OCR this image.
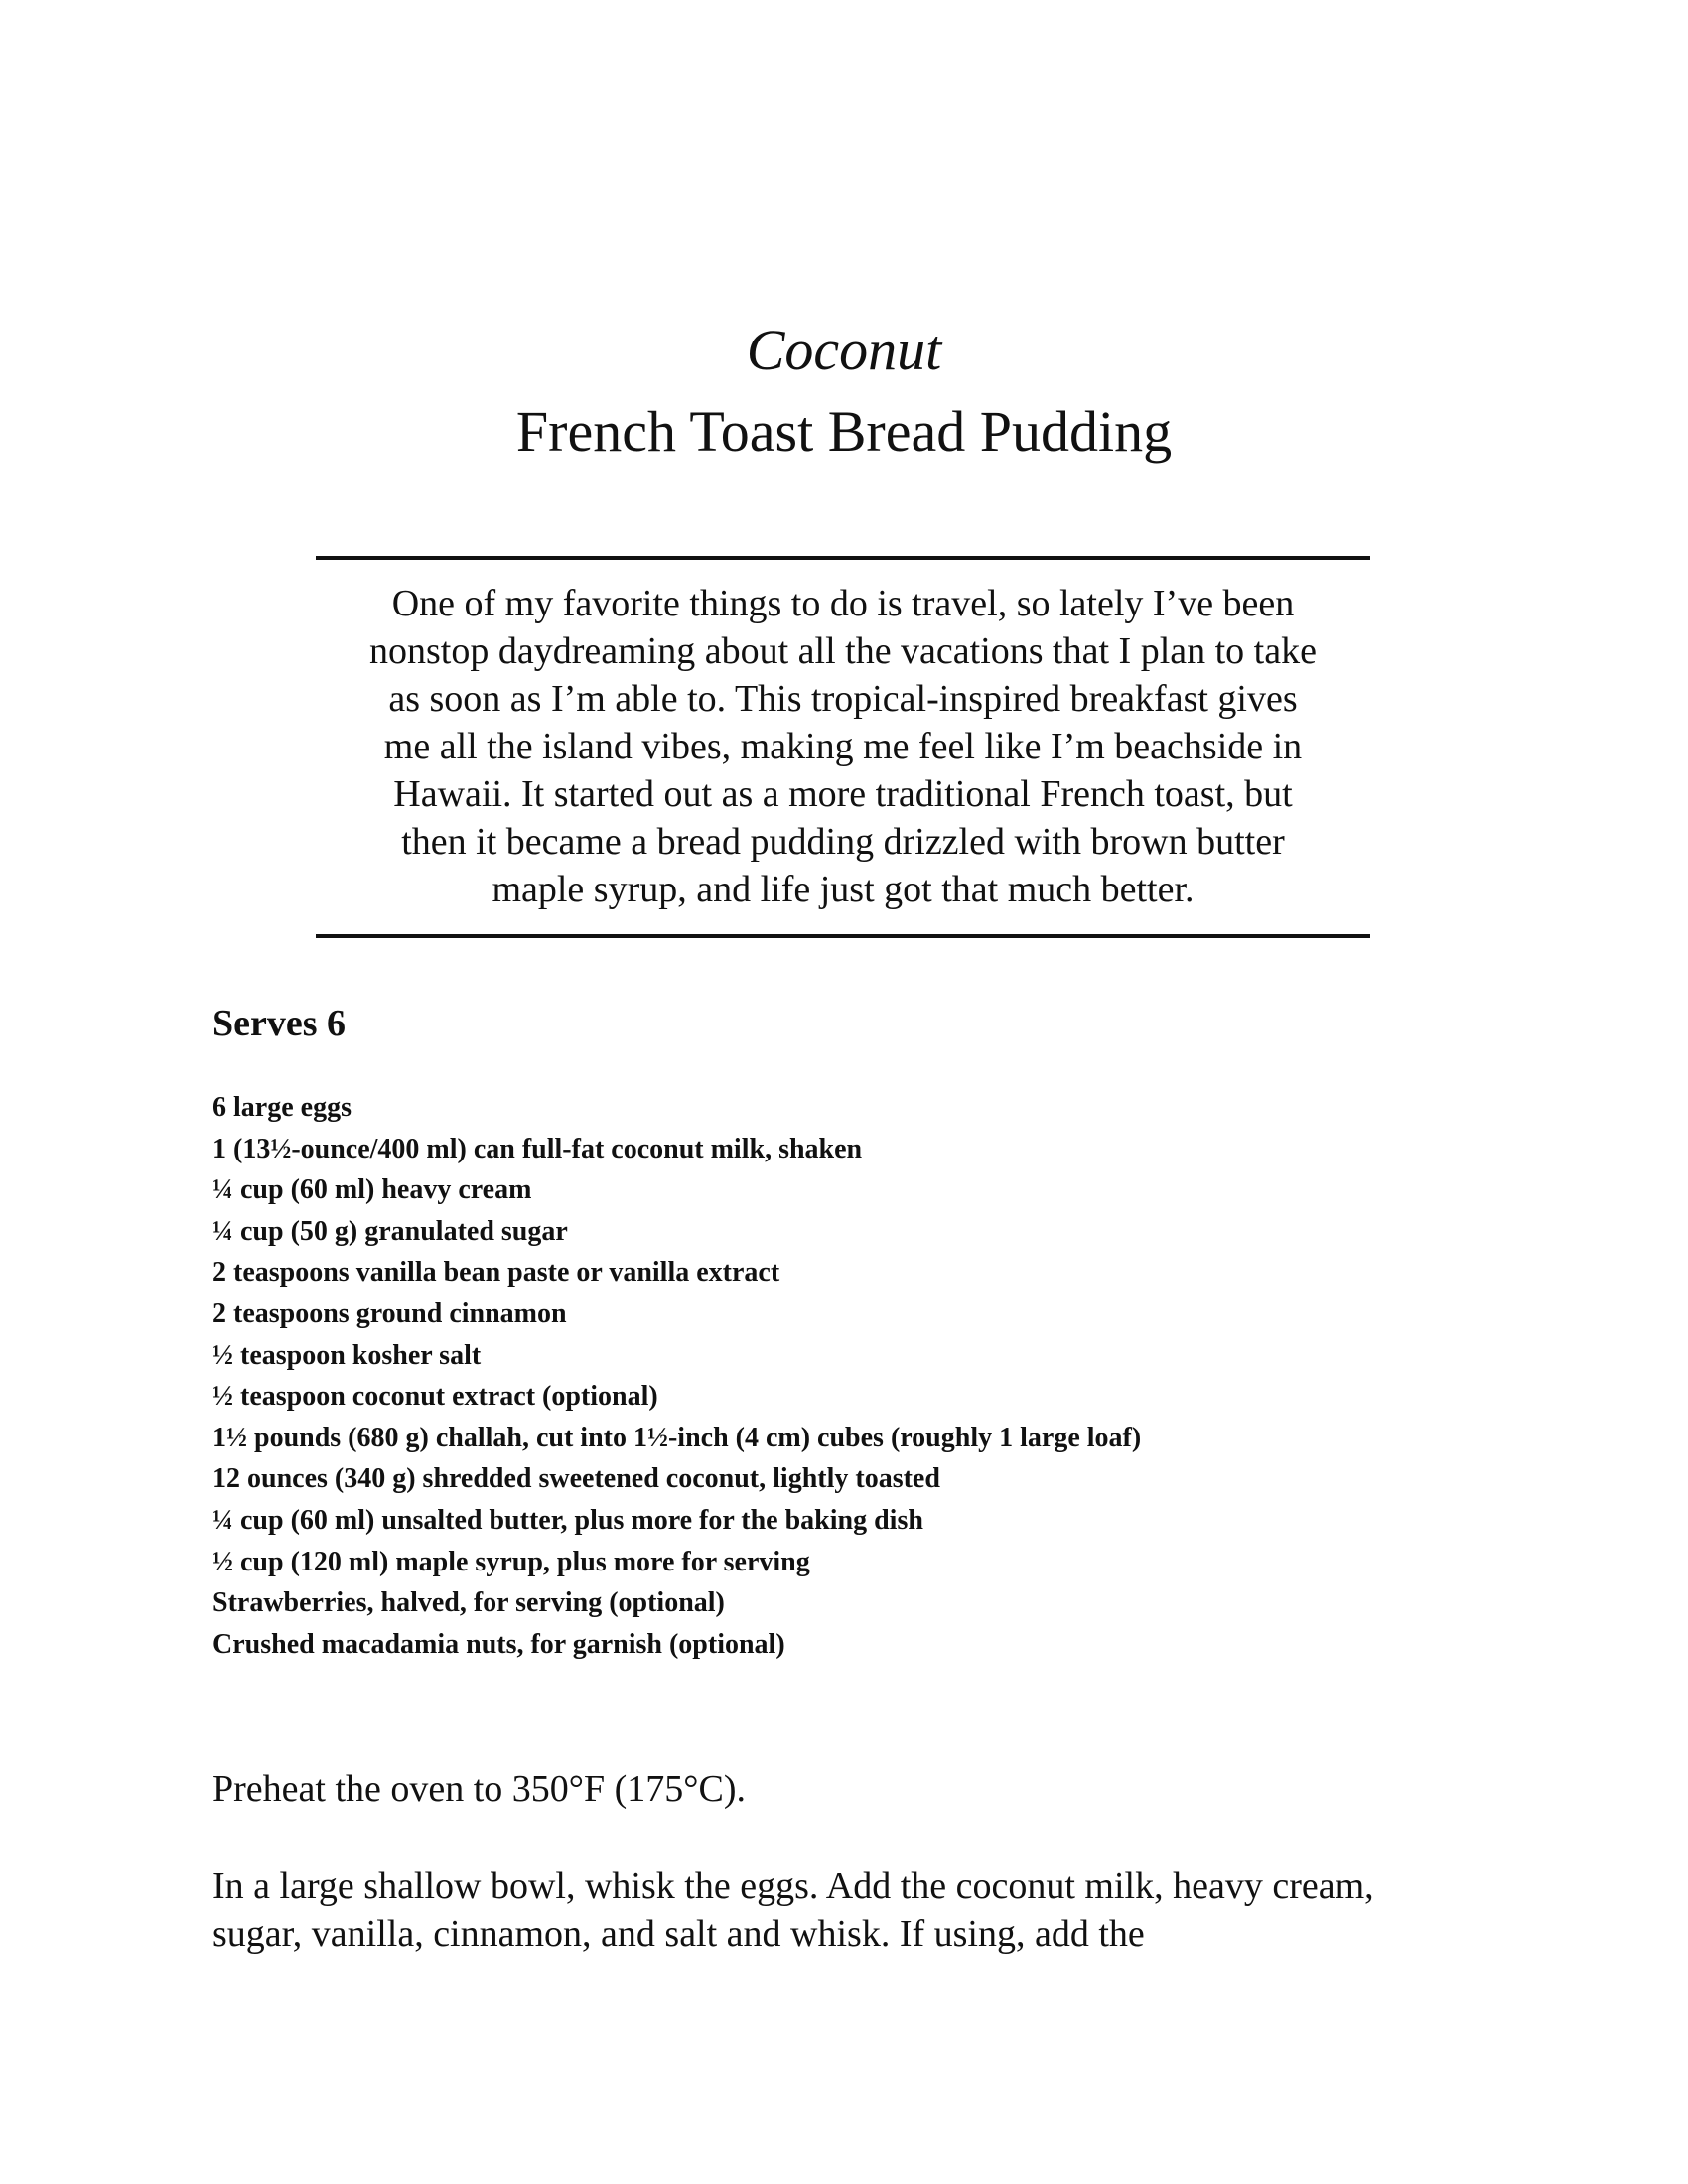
Coconut
French Toast Bread Pudding
One of my favorite things to do is travel, so lately I’ve been
nonstop daydreaming about all the vacations that I plan to take
as soon as I’m able to. This tropical-inspired breakfast gives
me all the island vibes, making me feel like I’m beachside in
Hawaii. It started out as a more traditional French toast, but
then it became a bread pudding drizzled with brown butter
maple syrup, and life just got that much better.
Serves 6
6 large eggs
1 (13½-ounce/400 ml) can full-fat coconut milk, shaken
¼ cup (60 ml) heavy cream
¼ cup (50 g) granulated sugar
2 teaspoons vanilla bean paste or vanilla extract
2 teaspoons ground cinnamon
½ teaspoon kosher salt
½ teaspoon coconut extract (optional)
1½ pounds (680 g) challah, cut into 1½-inch (4 cm) cubes (roughly 1 large loaf)
12 ounces (340 g) shredded sweetened coconut, lightly toasted
¼ cup (60 ml) unsalted butter, plus more for the baking dish
½ cup (120 ml) maple syrup, plus more for serving
Strawberries, halved, for serving (optional)
Crushed macadamia nuts, for garnish (optional)

Preheat the oven to 350°F (175°C).

In a large shallow bowl, whisk the eggs. Add the coconut milk, heavy cream, sugar, vanilla, cinnamon, and salt and whisk. If using, add the
